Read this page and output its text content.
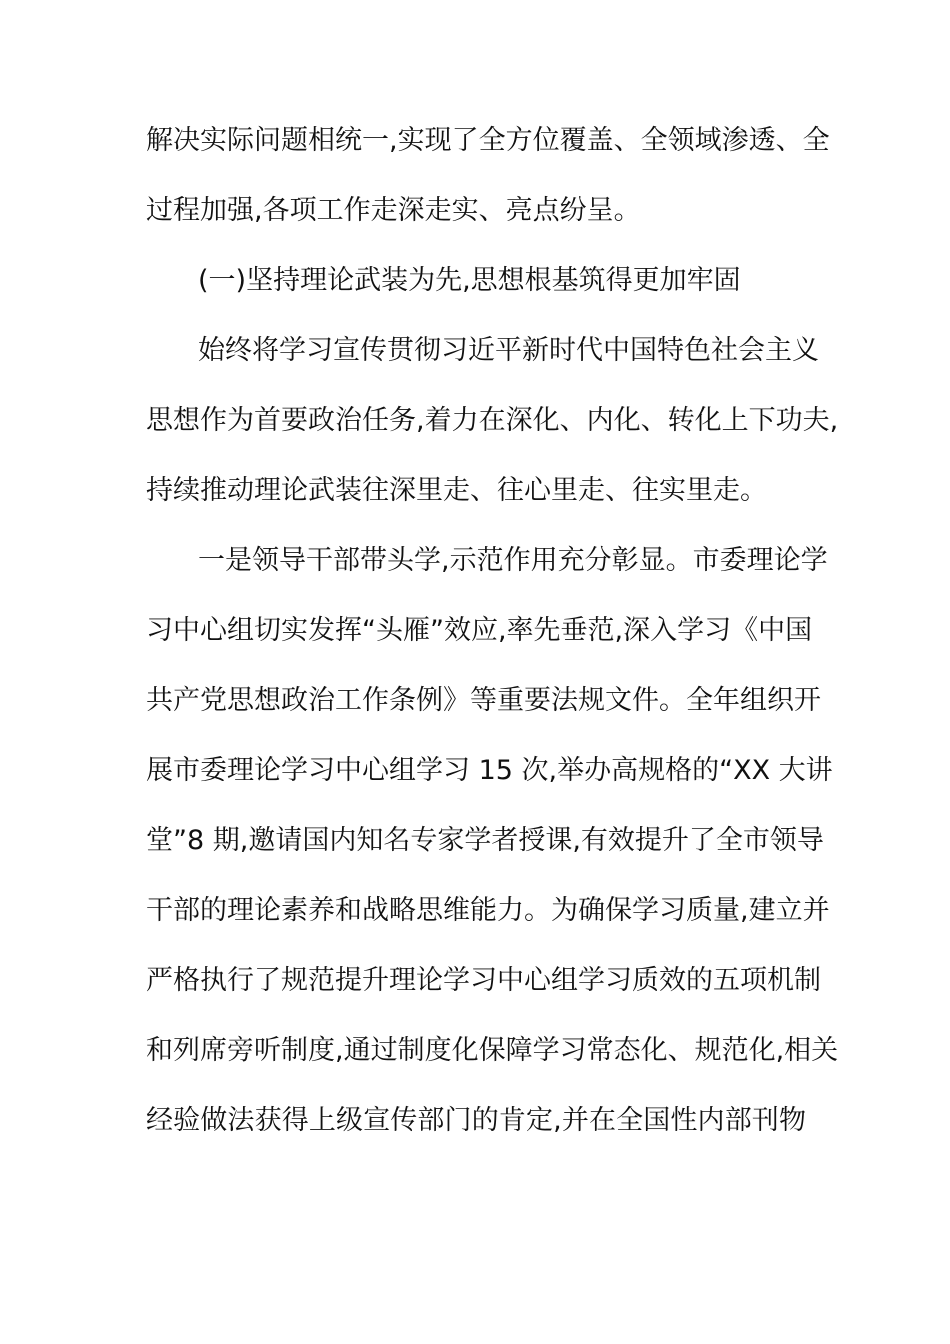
解决实际问题相统一,实现了全方位覆盖、全领域渗透、全
过程加强,各项工作走深走实、亮点纷呈。
(一)坚持理论武装为先,思想根基筑得更加牢固
始终将学习宣传贯彻习近平新时代中国特色社会主义
思想作为首要政治任务,着力在深化、内化、转化上下功夫,
持续推动理论武装往深里走、往心里走、往实里走。
一是领导干部带头学,示范作用充分彰显。市委理论学
习中心组切实发挥“头雁”效应,率先垂范,深入学习《中国
共产党思想政治工作条例》等重要法规文件。全年组织开
展市委理论学习中心组学习 15 次,举办高规格的“XX 大讲
堂”8 期,邀请国内知名专家学者授课,有效提升了全市领导
干部的理论素养和战略思维能力。为确保学习质量,建立并
严格执行了规范提升理论学习中心组学习质效的五项机制
和列席旁听制度,通过制度化保障学习常态化、规范化,相关
经验做法获得上级宣传部门的肯定,并在全国性内部刊物
